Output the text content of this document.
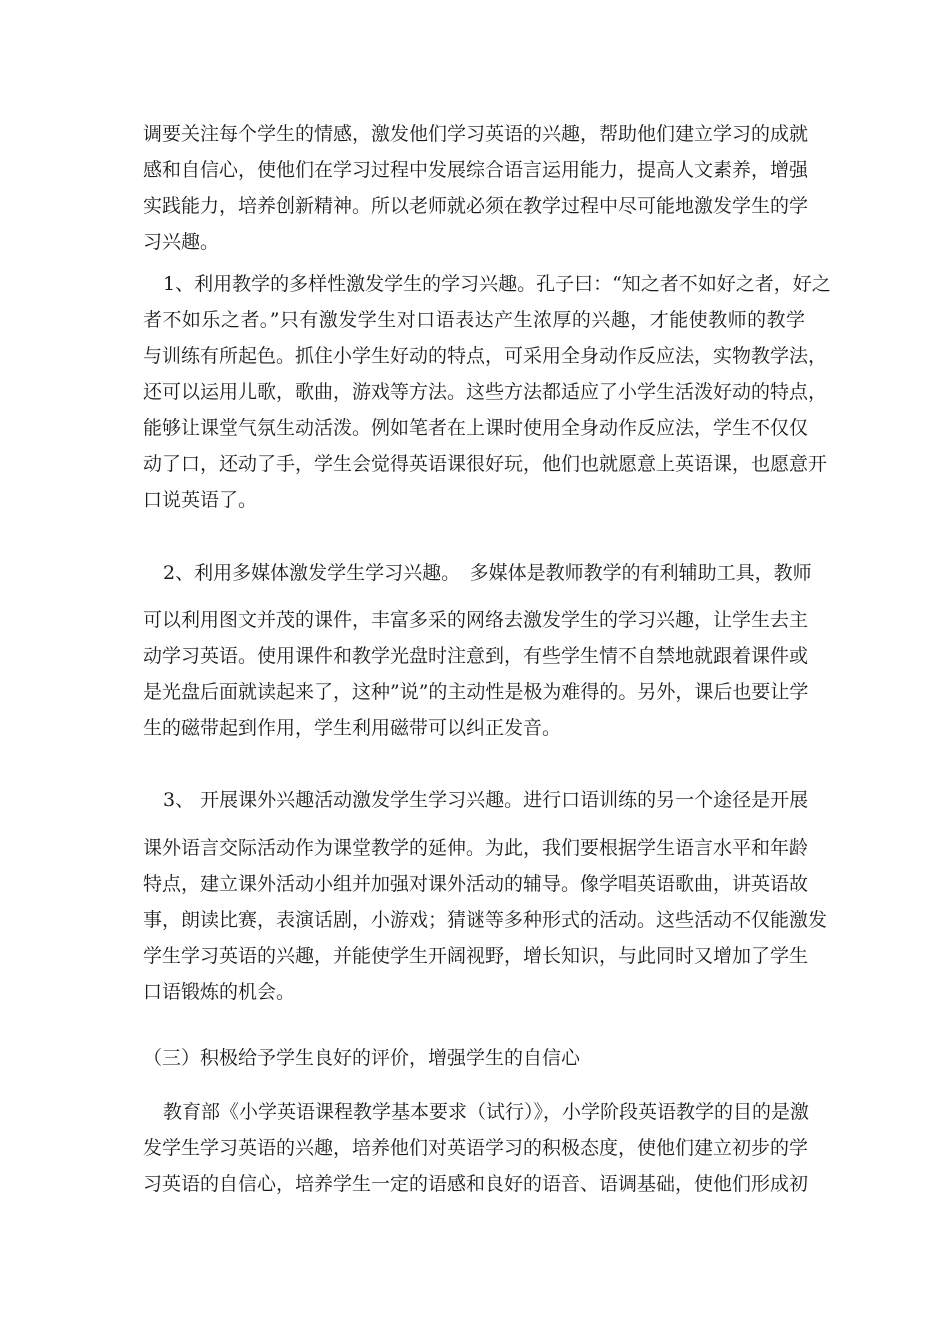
调要关注每个学生的情感，激发他们学习英语的兴趣，帮助他们建立学习的成就
感和自信心，使他们在学习过程中发展综合语言运用能力，提高人文素养，增强
实践能力，培养创新精神。所以老师就必须在教学过程中尽可能地激发学生的学
习兴趣。
1、利用教学的多样性激发学生的学习兴趣。孔子曰：“知之者不如好之者，好之
者不如乐之者。”只有激发学生对口语表达产生浓厚的兴趣，才能使教师的教学
与训练有所起色。抓住小学生好动的特点，可采用全身动作反应法，实物教学法，
还可以运用儿歌，歌曲，游戏等方法。这些方法都适应了小学生活泼好动的特点，
能够让课堂气氛生动活泼。例如笔者在上课时使用全身动作反应法，学生不仅仅
动了口，还动了手，学生会觉得英语课很好玩，他们也就愿意上英语课，也愿意开
口说英语了。
2、利用多媒体激发学生学习兴趣。　多媒体是教师教学的有利辅助工具，教师
可以利用图文并茂的课件，丰富多采的网络去激发学生的学习兴趣，让学生去主
动学习英语。使用课件和教学光盘时注意到，有些学生情不自禁地就跟着课件或
是光盘后面就读起来了，这种”说”的主动性是极为难得的。另外，课后也要让学
生的磁带起到作用，学生利用磁带可以纠正发音。
3、 开展课外兴趣活动激发学生学习兴趣。进行口语训练的另一个途径是开展
课外语言交际活动作为课堂教学的延伸。为此，我们要根据学生语言水平和年龄
特点，建立课外活动小组并加强对课外活动的辅导。像学唱英语歌曲，讲英语故
事，朗读比赛，表演话剧，小游戏；猜谜等多种形式的活动。这些活动不仅能激发
学生学习英语的兴趣，并能使学生开阔视野，增长知识，与此同时又增加了学生
口语锻炼的机会。
（三）积极给予学生良好的评价，增强学生的自信心
教育部《小学英语课程教学基本要求（试行）》，小学阶段英语教学的目的是激
发学生学习英语的兴趣，培养他们对英语学习的积极态度，使他们建立初步的学
习英语的自信心，培养学生一定的语感和良好的语音、语调基础，使他们形成初
